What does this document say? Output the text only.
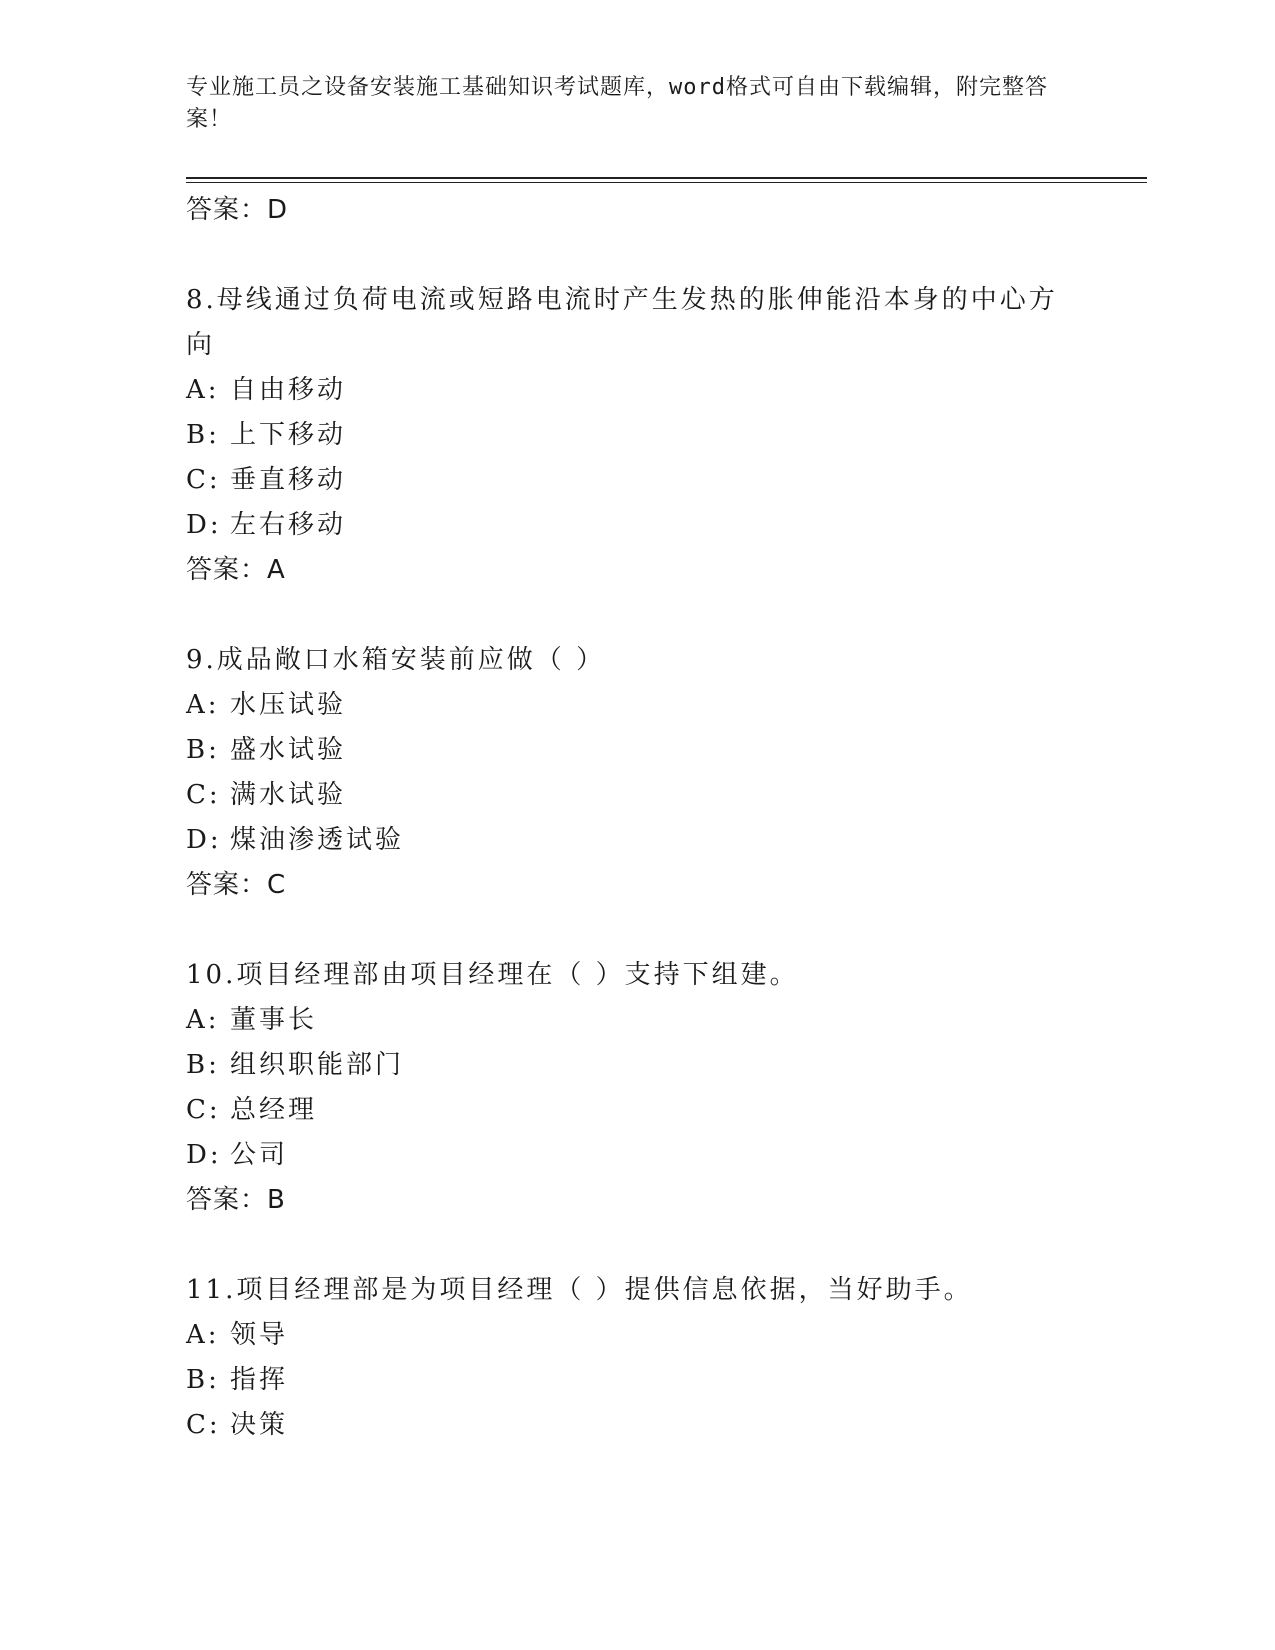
专业施工员之设备安装施工基础知识考试题库，word格式可自由下载编辑，附完整答案！
答案：D
8.母线通过负荷电流或短路电流时产生发热的胀伸能沿本身的中心方
向
A: 自由移动
B: 上下移动
C: 垂直移动
D: 左右移动
答案：A
9.成品敞口水箱安装前应做（ ）
A: 水压试验
B: 盛水试验
C: 满水试验
D: 煤油渗透试验
答案：C
10.项目经理部由项目经理在（ ）支持下组建。
A: 董事长
B: 组织职能部门
C: 总经理
D: 公司
答案：B
11.项目经理部是为项目经理（ ）提供信息依据，当好助手。
A: 领导
B: 指挥
C: 决策
